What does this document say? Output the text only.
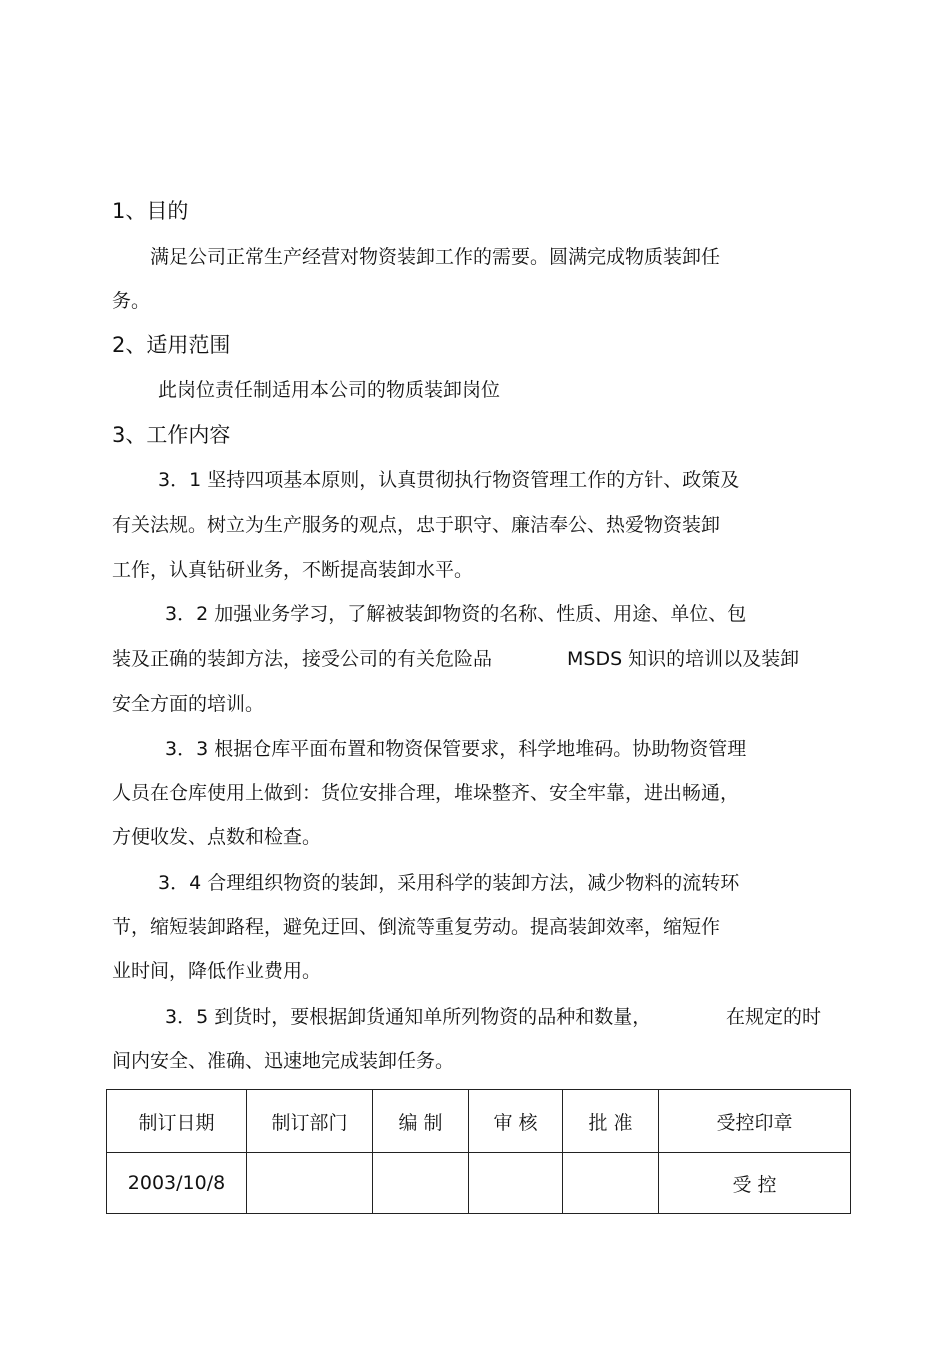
1、目的
满足公司正常生产经营对物资装卸工作的需要。圆满完成物质装卸任
务。
2、适用范围
此岗位责任制适用本公司的物质装卸岗位
3、工作内容
3．1 坚持四项基本原则，认真贯彻执行物资管理工作的方针、政策及
有关法规。树立为生产服务的观点，忠于职守、廉洁奉公、热爱物资装卸
工作，认真钻研业务，不断提高装卸水平。
3．2 加强业务学习，了解被装卸物资的名称、性质、用途、单位、包
装及正确的装卸方法，接受公司的有关危险品	MSDS 知识的培训以及装卸
安全方面的培训。
3．3 根据仓库平面布置和物资保管要求，科学地堆码。协助物资管理
人员在仓库使用上做到：货位安排合理，堆垛整齐、安全牢靠，进出畅通，
方便收发、点数和检查。
3．4 合理组织物资的装卸，采用科学的装卸方法，减少物料的流转环
节，缩短装卸路程，避免迂回、倒流等重复劳动。提高装卸效率，缩短作
业时间，降低作业费用。
3．5 到货时，要根据卸货通知单所列物资的品种和数量，	在规定的时
间内安全、准确、迅速地完成装卸任务。
制订日期	制订部门	编 制	审 核	批 准	受控印章
2003/10/8					受 控
